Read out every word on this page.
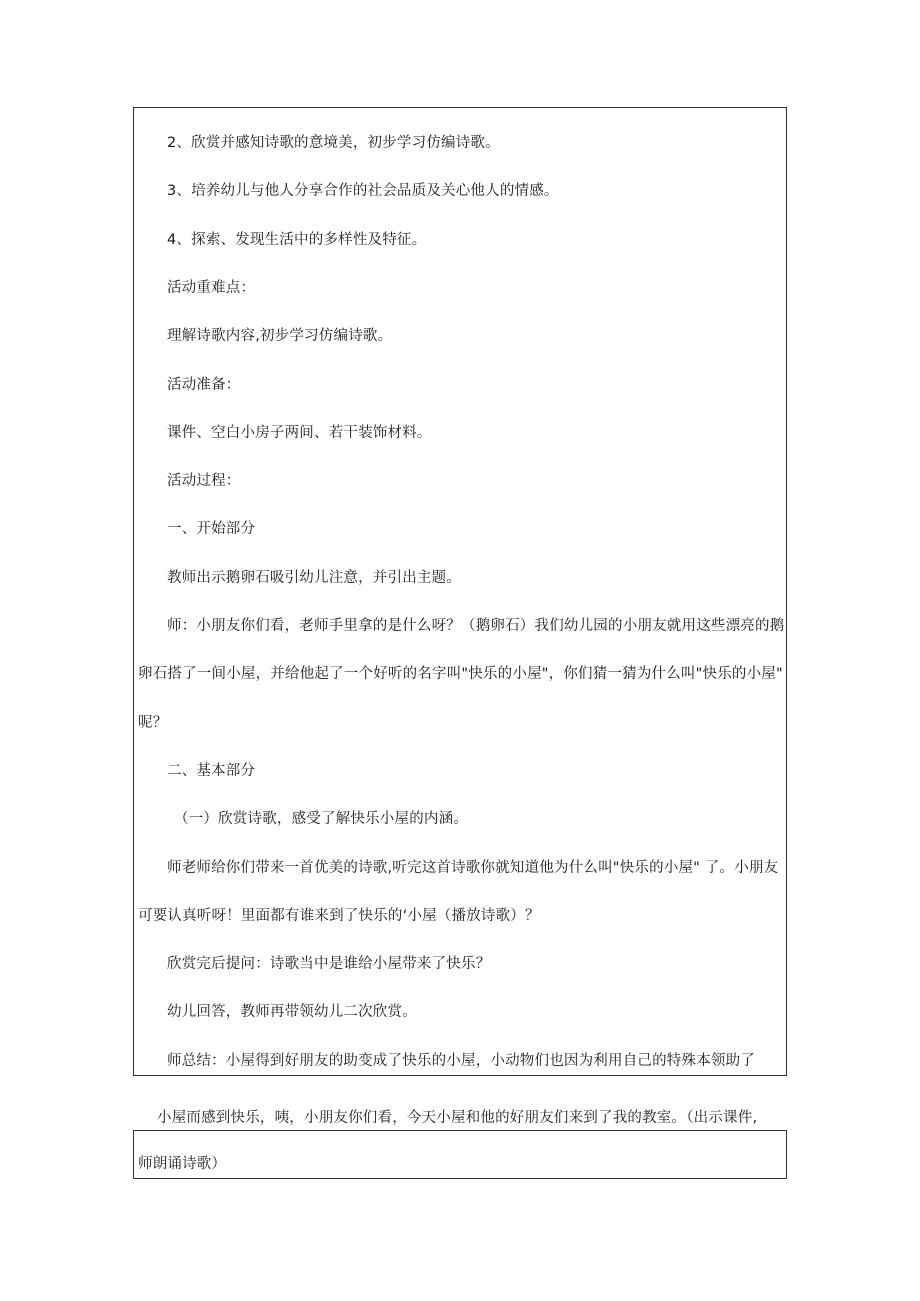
2、欣赏并感知诗歌的意境美，初步学习仿编诗歌。
3、培养幼儿与他人分享合作的社会品质及关心他人的情感。
4、探索、发现生活中的多样性及特征。
活动重难点：
理解诗歌内容,初步学习仿编诗歌。
活动准备：
课件、空白小房子两间、若干装饰材料。
活动过程：
一、开始部分
教师出示鹅卵石吸引幼儿注意，并引出主题。
师：小朋友你们看，老师手里拿的是什么呀？（鹅卵石）我们幼儿园的小朋友就用这些漂亮的鹅
卵石搭了一间小屋，并给他起了一个好听的名字叫"快乐的小屋"，你们猜一猜为什么叫"快乐的小屋"
呢？
二、基本部分
（一）欣赏诗歌，感受了解快乐小屋的内涵。
师老师给你们带来一首优美的诗歌,听完这首诗歌你就知道他为什么叫"快乐的小屋" 了。小朋友
可要认真听呀！里面都有谁来到了快乐的‘小屋（播放诗歌）？
欣赏完后提问：诗歌当中是谁给小屋带来了快乐？
幼儿回答，教师再带领幼儿二次欣赏。
师总结：小屋得到好朋友的助变成了快乐的小屋，小动物们也因为利用自己的特殊本领助了
小屋而感到快乐，咦，小朋友你们看，今天小屋和他的好朋友们来到了我的教室。（出示课件,
师朗诵诗歌）
